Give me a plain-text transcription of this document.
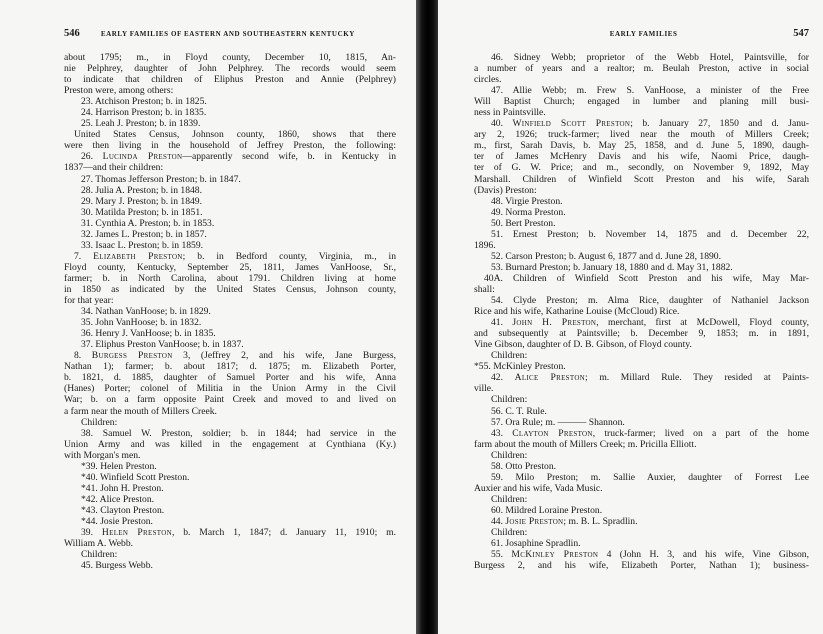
546	EARLY FAMILIES OF EASTERN AND SOUTHEASTERN KENTUCKY
about 1795; m., in Floyd county, December 10, 1815, An-
nie Pelphrey, daughter of John Pelphrey. The records would seem
to indicate that children of Eliphus Preston and Annie (Pelphrey)
Preston were, among others:
23. Atchison Preston; b. in 1825.
24. Harrison Preston; b. in 1835.
25. Leah J. Preston; b. in 1839.
United States Census, Johnson county, 1860, shows that there
were then living in the household of Jeffrey Preston, the following:
26. Lucinda Preston—apparently second wife, b. in Kentucky in
1837—and their children:
27. Thomas Jefferson Preston; b. in 1847.
28. Julia A. Preston; b. in 1848.
29. Mary J. Preston; b. in 1849.
30. Matilda Preston; b. in 1851.
31. Cynthia A. Preston; b. in 1853.
32. James L. Preston; b. in 1857.
33. Isaac L. Preston; b. in 1859.
7. Elizabeth Preston; b. in Bedford county, Virginia, m., in
Floyd county, Kentucky, September 25, 1811, James VanHoose, Sr.,
farmer; b. in North Carolina, about 1791. Children living at home
in 1850 as indicated by the United States Census, Johnson county,
for that year:
34. Nathan VanHoose; b. in 1829.
35. John VanHoose; b. in 1832.
36. Henry J. VanHoose; b. in 1835.
37. Eliphus Preston VanHoose; b. in 1837.
8. Burgess Preston 3, (Jeffrey 2, and his wife, Jane Burgess,
Nathan 1); farmer; b. about 1817; d. 1875; m. Elizabeth Porter,
b. 1821, d. 1885, daughter of Samuel Porter and his wife, Anna
(Hanes) Porter; colonel of Militia in the Union Army in the Civil
War; b. on a farm opposite Paint Creek and moved to and lived on
a farm near the mouth of Millers Creek.
Children:
38. Samuel W. Preston, soldier; b. in 1844; had service in the
Union Army and was killed in the engagement at Cynthiana (Ky.)
with Morgan's men.
*39. Helen Preston.
*40. Winfield Scott Preston.
*41. John H. Preston.
*42. Alice Preston.
*43. Clayton Preston.
*44. Josie Preston.
39. Helen Preston, b. March 1, 1847; d. January 11, 1910; m.
William A. Webb.
Children:
45. Burgess Webb.
EARLY FAMILIES	547
46. Sidney Webb; proprietor of the Webb Hotel, Paintsville, for
a number of years and a realtor; m. Beulah Preston, active in social
circles.
47. Allie Webb; m. Frew S. VanHoose, a minister of the Free
Will Baptist Church; engaged in lumber and planing mill busi-
ness in Paintsville.
40. Winfield Scott Preston; b. January 27, 1850 and d. Janu-
ary 2, 1926; truck-farmer; lived near the mouth of Millers Creek;
m., first, Sarah Davis, b. May 25, 1858, and d. June 5, 1890, daugh-
ter of James McHenry Davis and his wife, Naomi Price, daugh-
ter of G. W. Price; and m., secondly, on November 9, 1892, May
Marshall. Children of Winfield Scott Preston and his wife, Sarah
(Davis) Preston:
48. Virgie Preston.
49. Norma Preston.
50. Bert Preston.
51. Ernest Preston; b. November 14, 1875 and d. December 22,
1896.
52. Carson Preston; b. August 6, 1877 and d. June 28, 1890.
53. Burnard Preston; b. January 18, 1880 and d. May 31, 1882.
40A. Children of Winfield Scott Preston and his wife, May Mar-
shall:
54. Clyde Preston; m. Alma Rice, daughter of Nathaniel Jackson
Rice and his wife, Katharine Louise (McCloud) Rice.
41. John H. Preston, merchant, first at McDowell, Floyd county,
and subsequently at Paintsville; b. December 9, 1853; m. in 1891,
Vine Gibson, daughter of D. B. Gibson, of Floyd county.
Children:
*55. McKinley Preston.
42. Alice Preston; m. Millard Rule. They resided at Paints-
ville.
Children:
56. C. T. Rule.
57. Ora Rule; m. ——— Shannon.
43. Clayton Preston, truck-farmer; lived on a part of the home
farm about the mouth of Millers Creek; m. Pricilla Elliott.
Children:
58. Otto Preston.
59. Milo Preston; m. Sallie Auxier, daughter of Forrest Lee
Auxier and his wife, Vada Music.
Children:
60. Mildred Loraine Preston.
44. Josie Preston; m. B. L. Spradlin.
Children:
61. Josaphine Spradlin.
55. McKinley Preston 4 (John H. 3, and his wife, Vine Gibson,
Burgess 2, and his wife, Elizabeth Porter, Nathan 1); business-
